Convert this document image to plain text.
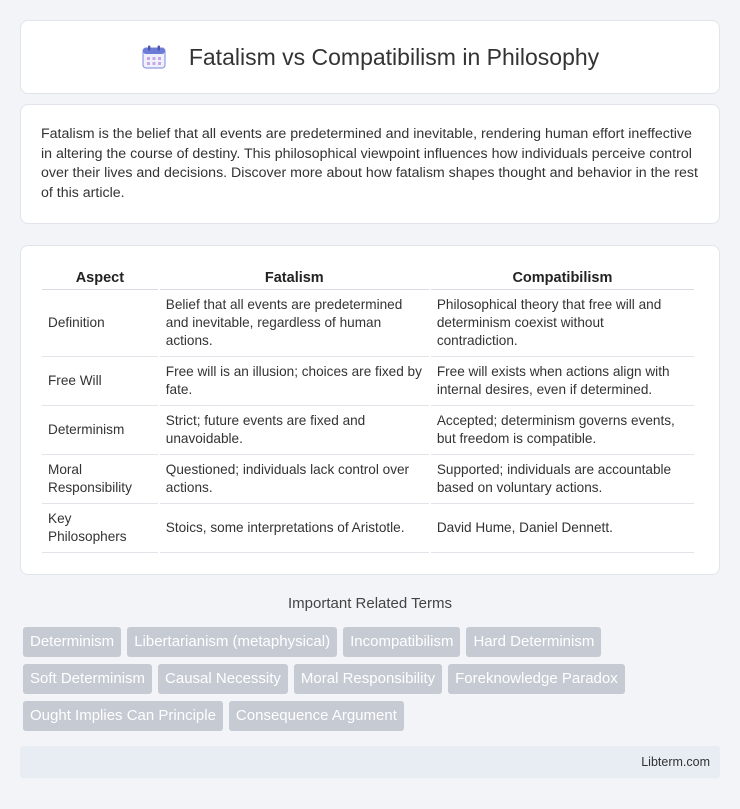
Fatalism vs Compatibilism in Philosophy

Fatalism is the belief that all events are predetermined and inevitable, rendering human effort ineffective in altering the course of destiny. This philosophical viewpoint influences how individuals perceive control over their lives and decisions. Discover more about how fatalism shapes thought and behavior in the rest of this article.

Aspect	Fatalism	Compatibilism
Definition	Belief that all events are predetermined and inevitable, regardless of human actions.	Philosophical theory that free will and determinism coexist without contradiction.
Free Will	Free will is an illusion; choices are fixed by fate.	Free will exists when actions align with internal desires, even if determined.
Determinism	Strict; future events are fixed and unavoidable.	Accepted; determinism governs events, but freedom is compatible.
Moral Responsibility	Questioned; individuals lack control over actions.	Supported; individuals are accountable based on voluntary actions.
Key Philosophers	Stoics, some interpretations of Aristotle.	David Hume, Daniel Dennett.
Important Related Terms
Determinism Libertarianism (metaphysical) Incompatibilism Hard Determinism
Soft Determinism Causal Necessity Moral Responsibility Foreknowledge Paradox
Ought Implies Can Principle Consequence Argument
Libterm.com
